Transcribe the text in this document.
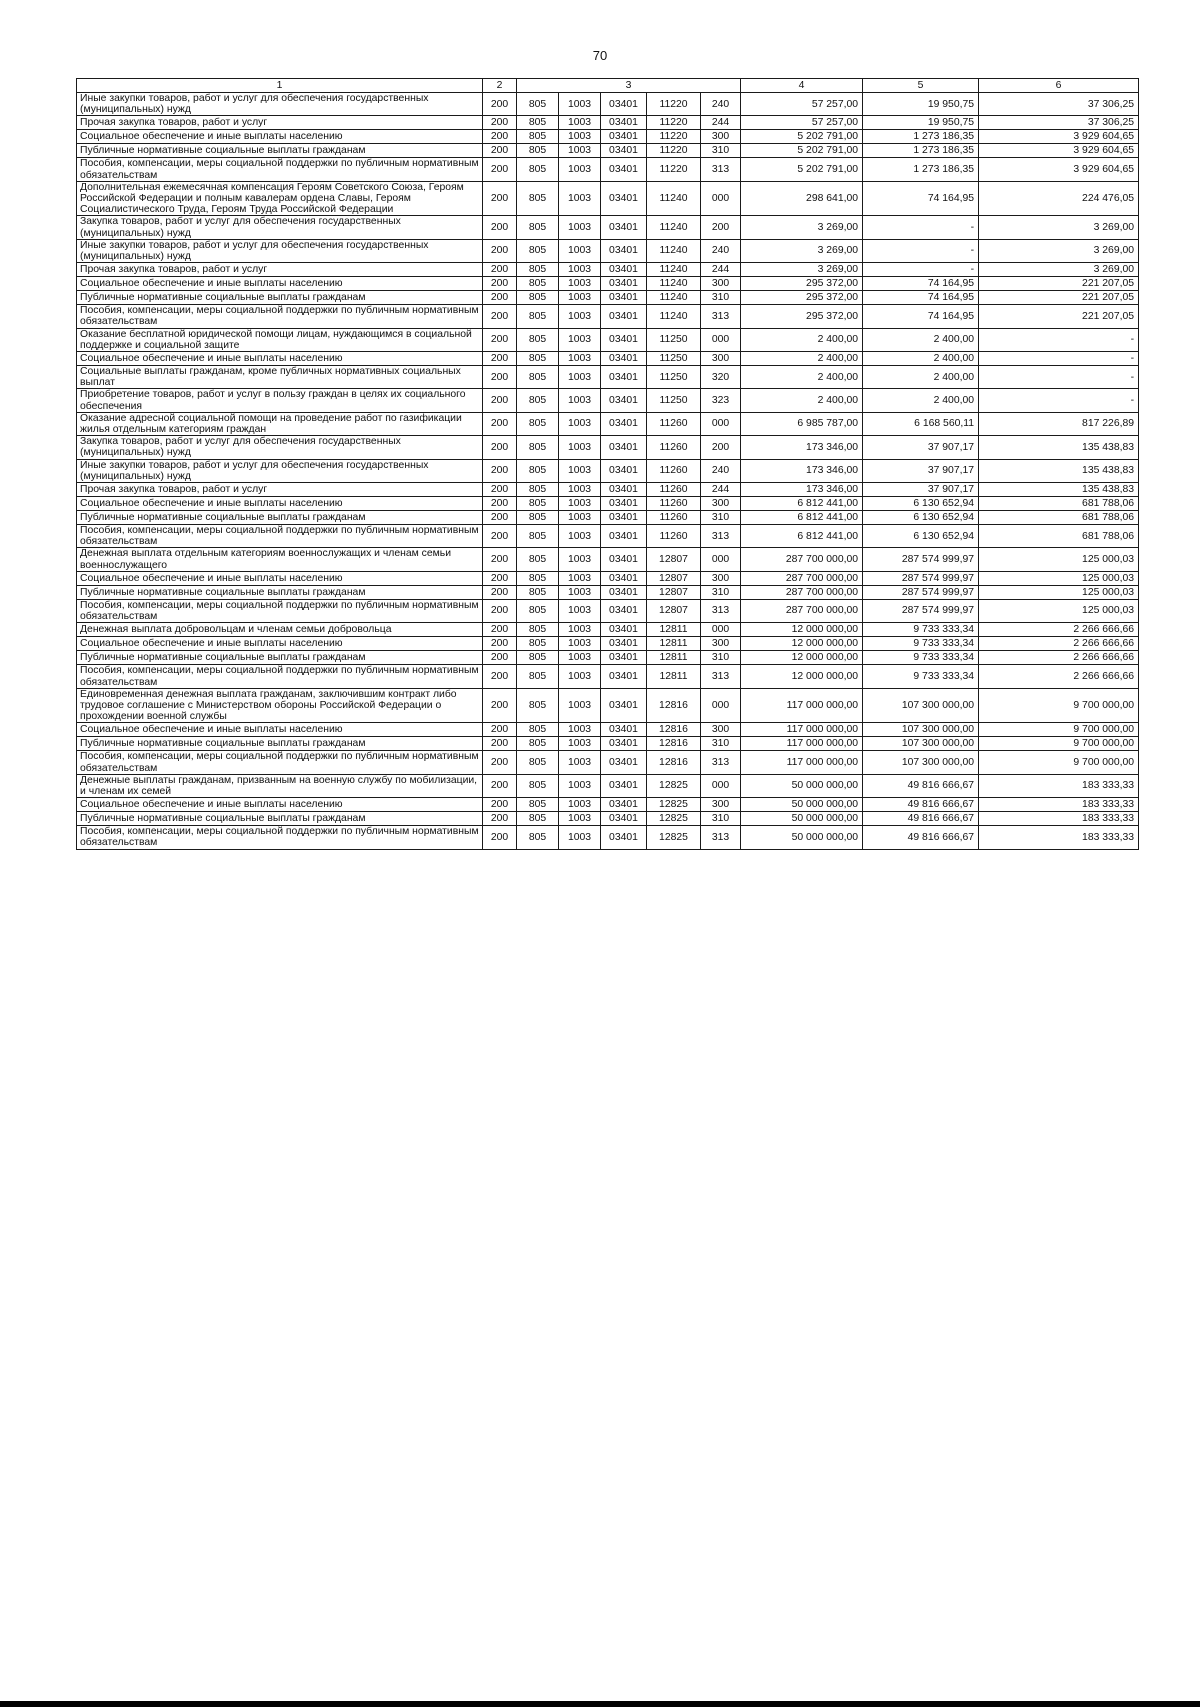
70
1	2	3					4	5	6
Иные закупки товаров, работ и услуг для обеспечения государственных (муниципальных) нужд	200	805	1003	03401	11220	240	57 257,00	19 950,75	37 306,25
Прочая закупка товаров, работ и услуг	200	805	1003	03401	11220	244	57 257,00	19 950,75	37 306,25
Социальное обеспечение и иные выплаты населению	200	805	1003	03401	11220	300	5 202 791,00	1 273 186,35	3 929 604,65
Публичные нормативные социальные выплаты гражданам	200	805	1003	03401	11220	310	5 202 791,00	1 273 186,35	3 929 604,65
Пособия, компенсации, меры социальной поддержки по публичным нормативным обязательствам	200	805	1003	03401	11220	313	5 202 791,00	1 273 186,35	3 929 604,65
Дополнительная ежемесячная компенсация Героям Советского Союза, Героям Российской Федерации и полным кавалерам ордена Славы, Героям Социалистического Труда, Героям Труда Российской Федерации	200	805	1003	03401	11240	000	298 641,00	74 164,95	224 476,05
Закупка товаров, работ и услуг для обеспечения государственных (муниципальных) нужд	200	805	1003	03401	11240	200	3 269,00	-	3 269,00
Иные закупки товаров, работ и услуг для обеспечения государственных (муниципальных) нужд	200	805	1003	03401	11240	240	3 269,00	-	3 269,00
Прочая закупка товаров, работ и услуг	200	805	1003	03401	11240	244	3 269,00	-	3 269,00
Социальное обеспечение и иные выплаты населению	200	805	1003	03401	11240	300	295 372,00	74 164,95	221 207,05
Публичные нормативные социальные выплаты гражданам	200	805	1003	03401	11240	310	295 372,00	74 164,95	221 207,05
Пособия, компенсации, меры социальной поддержки по публичным нормативным обязательствам	200	805	1003	03401	11240	313	295 372,00	74 164,95	221 207,05
Оказание бесплатной юридической помощи лицам, нуждающимся в социальной поддержке и социальной защите	200	805	1003	03401	11250	000	2 400,00	2 400,00	-
Социальное обеспечение и иные выплаты населению	200	805	1003	03401	11250	300	2 400,00	2 400,00	-
Социальные выплаты гражданам, кроме публичных нормативных социальных выплат	200	805	1003	03401	11250	320	2 400,00	2 400,00	-
Приобретение товаров, работ и услуг в пользу граждан в целях их социального обеспечения	200	805	1003	03401	11250	323	2 400,00	2 400,00	-
Оказание адресной социальной помощи на проведение работ по газификации жилья отдельным категориям граждан	200	805	1003	03401	11260	000	6 985 787,00	6 168 560,11	817 226,89
Закупка товаров, работ и услуг для обеспечения государственных (муниципальных) нужд	200	805	1003	03401	11260	200	173 346,00	37 907,17	135 438,83
Иные закупки товаров, работ и услуг для обеспечения государственных (муниципальных) нужд	200	805	1003	03401	11260	240	173 346,00	37 907,17	135 438,83
Прочая закупка товаров, работ и услуг	200	805	1003	03401	11260	244	173 346,00	37 907,17	135 438,83
Социальное обеспечение и иные выплаты населению	200	805	1003	03401	11260	300	6 812 441,00	6 130 652,94	681 788,06
Публичные нормативные социальные выплаты гражданам	200	805	1003	03401	11260	310	6 812 441,00	6 130 652,94	681 788,06
Пособия, компенсации, меры социальной поддержки по публичным нормативным обязательствам	200	805	1003	03401	11260	313	6 812 441,00	6 130 652,94	681 788,06
Денежная выплата отдельным категориям военнослужащих и членам семьи военнослужащего	200	805	1003	03401	12807	000	287 700 000,00	287 574 999,97	125 000,03
Социальное обеспечение и иные выплаты населению	200	805	1003	03401	12807	300	287 700 000,00	287 574 999,97	125 000,03
Публичные нормативные социальные выплаты гражданам	200	805	1003	03401	12807	310	287 700 000,00	287 574 999,97	125 000,03
Пособия, компенсации, меры социальной поддержки по публичным нормативным обязательствам	200	805	1003	03401	12807	313	287 700 000,00	287 574 999,97	125 000,03
Денежная выплата добровольцам и членам семьи добровольца	200	805	1003	03401	12811	000	12 000 000,00	9 733 333,34	2 266 666,66
Социальное обеспечение и иные выплаты населению	200	805	1003	03401	12811	300	12 000 000,00	9 733 333,34	2 266 666,66
Публичные нормативные социальные выплаты гражданам	200	805	1003	03401	12811	310	12 000 000,00	9 733 333,34	2 266 666,66
Пособия, компенсации, меры социальной поддержки по публичным нормативным обязательствам	200	805	1003	03401	12811	313	12 000 000,00	9 733 333,34	2 266 666,66
Единовременная денежная выплата гражданам, заключившим контракт либо трудовое соглашение с Министерством обороны Российской Федерации о прохождении военной службы	200	805	1003	03401	12816	000	117 000 000,00	107 300 000,00	9 700 000,00
Социальное обеспечение и иные выплаты населению	200	805	1003	03401	12816	300	117 000 000,00	107 300 000,00	9 700 000,00
Публичные нормативные социальные выплаты гражданам	200	805	1003	03401	12816	310	117 000 000,00	107 300 000,00	9 700 000,00
Пособия, компенсации, меры социальной поддержки по публичным нормативным обязательствам	200	805	1003	03401	12816	313	117 000 000,00	107 300 000,00	9 700 000,00
Денежные выплаты гражданам, призванным на военную службу по мобилизации, и членам их семей	200	805	1003	03401	12825	000	50 000 000,00	49 816 666,67	183 333,33
Социальное обеспечение и иные выплаты населению	200	805	1003	03401	12825	300	50 000 000,00	49 816 666,67	183 333,33
Публичные нормативные социальные выплаты гражданам	200	805	1003	03401	12825	310	50 000 000,00	49 816 666,67	183 333,33
Пособия, компенсации, меры социальной поддержки по публичным нормативным обязательствам	200	805	1003	03401	12825	313	50 000 000,00	49 816 666,67	183 333,33
